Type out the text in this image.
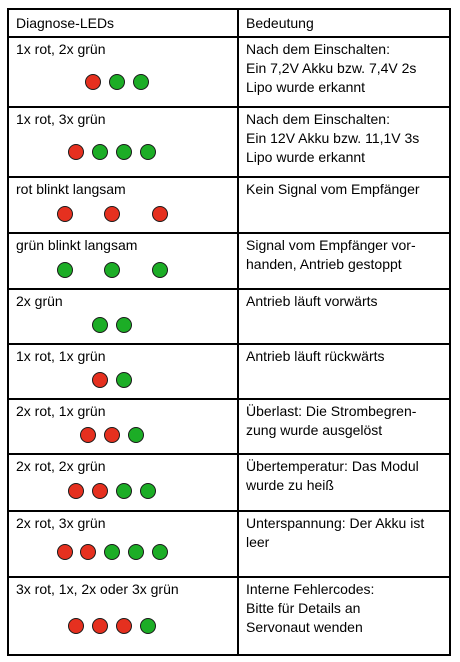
Diagnose-LEDs	Bedeutung

1x rot, 2x grün	Nach dem Einschalten:
Ein 7,2V Akku bzw. 7,4V 2s
Lipo wurde erkannt

1x rot, 3x grün	Nach dem Einschalten:
Ein 12V Akku bzw. 11,1V 3s
Lipo wurde erkannt

rot blinkt langsam	Kein Signal vom Empfänger

grün blinkt langsam	Signal vom Empfänger vor-
handen, Antrieb gestoppt

2x grün	Antrieb läuft vorwärts

1x rot, 1x grün	Antrieb läuft rückwärts

2x rot, 1x grün	Überlast: Die Strombegren-
zung wurde ausgelöst

2x rot, 2x grün	Übertemperatur: Das Modul
wurde zu heiß

2x rot, 3x grün	Unterspannung: Der Akku ist
leer

3x rot, 1x, 2x oder 3x grün	Interne Fehlercodes:
Bitte für Details an
Servonaut wenden
